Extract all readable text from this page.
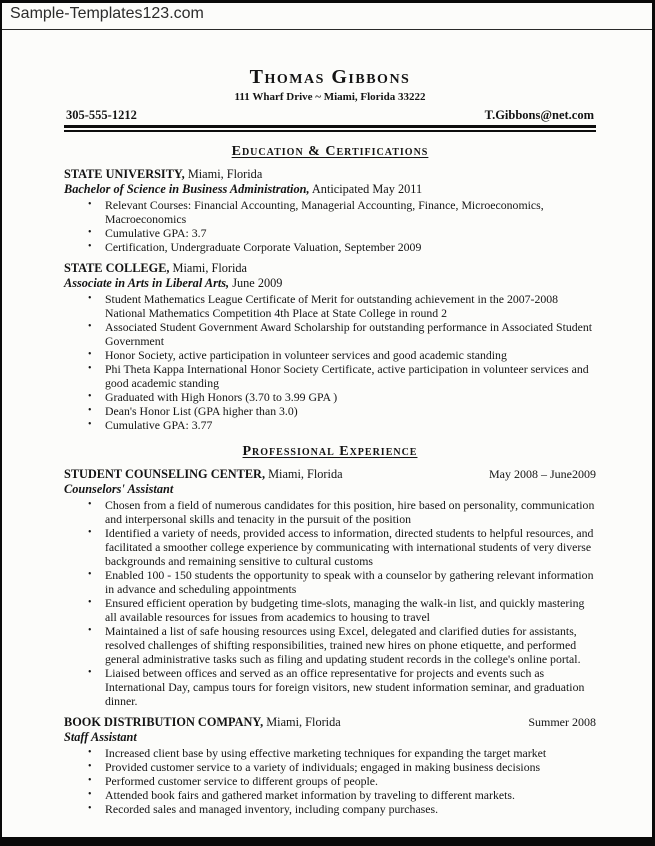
Sample-Templates123.com
Thomas Gibbons
111 Wharf Drive ~ Miami, Florida 33222
305-555-1212	T.Gibbons@net.com
Education & Certifications
STATE UNIVERSITY, Miami, Florida
Bachelor of Science in Business Administration, Anticipated May 2011
•	Relevant Courses: Financial Accounting, Managerial Accounting, Finance, Microeconomics, Macroeconomics
•	Cumulative GPA: 3.7
•	Certification, Undergraduate Corporate Valuation, September 2009
STATE COLLEGE, Miami, Florida
Associate in Arts in Liberal Arts, June 2009
•	Student Mathematics League Certificate of Merit for outstanding achievement in the 2007-2008 National Mathematics Competition 4th Place at State College in round 2
•	Associated Student Government Award Scholarship for outstanding performance in Associated Student Government
•	Honor Society, active participation in volunteer services and good academic standing
•	Phi Theta Kappa International Honor Society Certificate, active participation in volunteer services and good academic standing
•	Graduated with High Honors (3.70 to 3.99 GPA )
•	Dean's Honor List (GPA higher than 3.0)
•	Cumulative GPA: 3.77
Professional Experience
STUDENT COUNSELING CENTER, Miami, Florida	May 2008 – June2009
Counselors' Assistant
•	Chosen from a field of numerous candidates for this position, hire based on personality, communication and interpersonal skills and tenacity in the pursuit of the position
•	Identified a variety of needs, provided access to information, directed students to helpful resources, and facilitated a smoother college experience by communicating with international students of very diverse backgrounds and remaining sensitive to cultural customs
•	Enabled 100 - 150 students the opportunity to speak with a counselor by gathering relevant information in advance and scheduling appointments
•	Ensured efficient operation by budgeting time-slots, managing the walk-in list, and quickly mastering all available resources for issues from academics to housing to travel
•	Maintained a list of safe housing resources using Excel, delegated and clarified duties for assistants, resolved challenges of shifting responsibilities, trained new hires on phone etiquette, and performed general administrative tasks such as filing and updating student records in the college's online portal.
•	Liaised between offices and served as an office representative for projects and events such as International Day, campus tours for foreign visitors, new student information seminar, and graduation dinner.
BOOK DISTRIBUTION COMPANY, Miami, Florida	Summer 2008
Staff Assistant
•	Increased client base by using effective marketing techniques for expanding the target market
•	Provided customer service to a variety of individuals; engaged in making business decisions
•	Performed customer service to different groups of people.
•	Attended book fairs and gathered market information by traveling to different markets.
•	Recorded sales and managed inventory, including company purchases.
